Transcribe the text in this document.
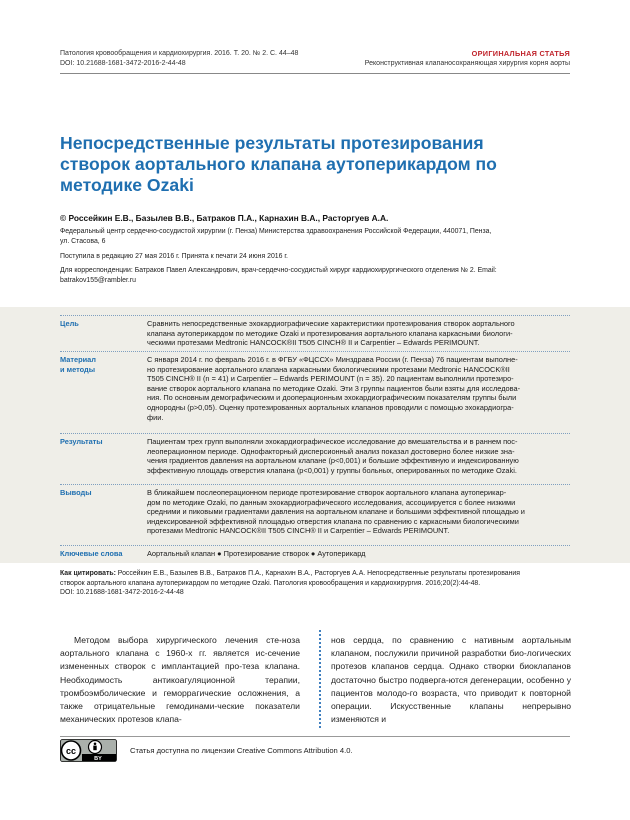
Патология кровообращения и кардиохирургия. 2016. Т. 20. № 2. С. 44–48
DOI: 10.21688-1681-3472-2016-2-44-48
ОРИГИНАЛЬНАЯ СТАТЬЯ
Реконструктивная клапаносохраняющая хирургия корня аорты
Непосредственные результаты протезирования
створок аортального клапана аутоперикардом по
методике Ozaki
© Россейкин Е.В., Базылев В.В., Батраков П.А., Карнахин В.А., Расторгуев А.А.
Федеральный центр сердечно-сосудистой хирургии (г. Пенза) Министерства здравоохранения Российской Федерации, 440071, Пенза,
ул. Стасова, 6
Поступила в редакцию 27 мая 2016 г. Принята к печати 24 июня 2016 г.
Для корреспонденции: Батраков Павел Александрович, врач-сердечно-сосудистый хирург кардиохирургического отделения № 2. Email:
batrakov155@rambler.ru
Цель	Сравнить непосредственные эхокардиографические характеристики протезирования створок аортального
клапана аутоперикардом по методике Ozaki и протезирования аортального клапана каркасными биологи-
ческими протезами Medtronic HANCOCK®II T505 CINCH® II и Carpentier – Edwards PERIMOUNT.
Материал
и методы
С января 2014 г. по февраль 2016 г. в ФГБУ «ФЦССХ» Минздрава России (г. Пенза) 76 пациентам выполне-
но протезирование аортального клапана каркасными биологическими протезами Medtronic HANCOCK®II
T505 CINCH® II (n = 41) и Carpentier – Edwards PERIMOUNT (n = 35). 20 пациентам выполнили протезиро-
вание створок аортального клапана по методике Ozaki. Эти 3 группы пациентов были взяты для исследова-
ния. По основным демографическим и дооперационным эхокардиографическим показателям группы были
однородны (p>0,05). Оценку протезированных аортальных клапанов проводили с помощью эхокардиогра-
фии.
Результаты	Пациентам трех групп выполняли эхокардиографическое исследование до вмешательства и в раннем пос-
леоперационном периоде. Однофакторный дисперсионный анализ показал достоверно более низкие зна-
чения градиентов давления на аортальном клапане (p<0,001) и большие эффективную и индексированную
эффективную площадь отверстия клапана (p<0,001) у группы больных, оперированных по методике Ozaki.
Выводы	В ближайшем послеоперационном периоде протезирование створок аортального клапана аутоперикар-
дом по методике Ozaki, по данным эхокардиографического исследования, ассоциируется с более низкими
средними и пиковыми градиентами давления на аортальном клапане и большими эффективной площадью и
индексированной эффективной площадью отверстия клапана по сравнению с каркасными биологическими
протезами Medtronic HANCOCK®II T505 CINCH® II и Carpentier – Edwards PERIMOUNT.
Ключевые слова	Аортальный клапан ● Протезирование створок ● Аутоперикард
Как цитировать: Россейкин Е.В., Базылев В.В., Батраков П.А., Карнахин В.А., Расторгуев А.А. Непосредственные результаты протезирования
створок аортального клапана аутоперикардом по методике Ozaki. Патология кровообращения и кардиохирургия. 2016;20(2):44-48.
DOI: 10.21688-1681-3472-2016-2-44-48

Методом выбора хирургического лечения сте-ноза аортального клапана с 1960-х гг. является ис-сечение измененных створок с имплантацией про-теза клапана. Необходимость антикоагуляционной терапии, тромбоэмболические и геморрагические осложнения, а также отрицательные гемодинами-ческие показатели механических протезов клапа-

нов сердца, по сравнению с нативным аортальным клапаном, послужили причиной разработки био-логических протезов клапанов сердца. Однако створки биоклапанов достаточно быстро подверга-ются дегенерации, особенно у пациентов молодо-го возраста, что приводит к повторной операции. Искусственные клапаны непрерывно изменяются и

cc
BY
Статья доступна по лицензии Creative Commons Attribution 4.0.
